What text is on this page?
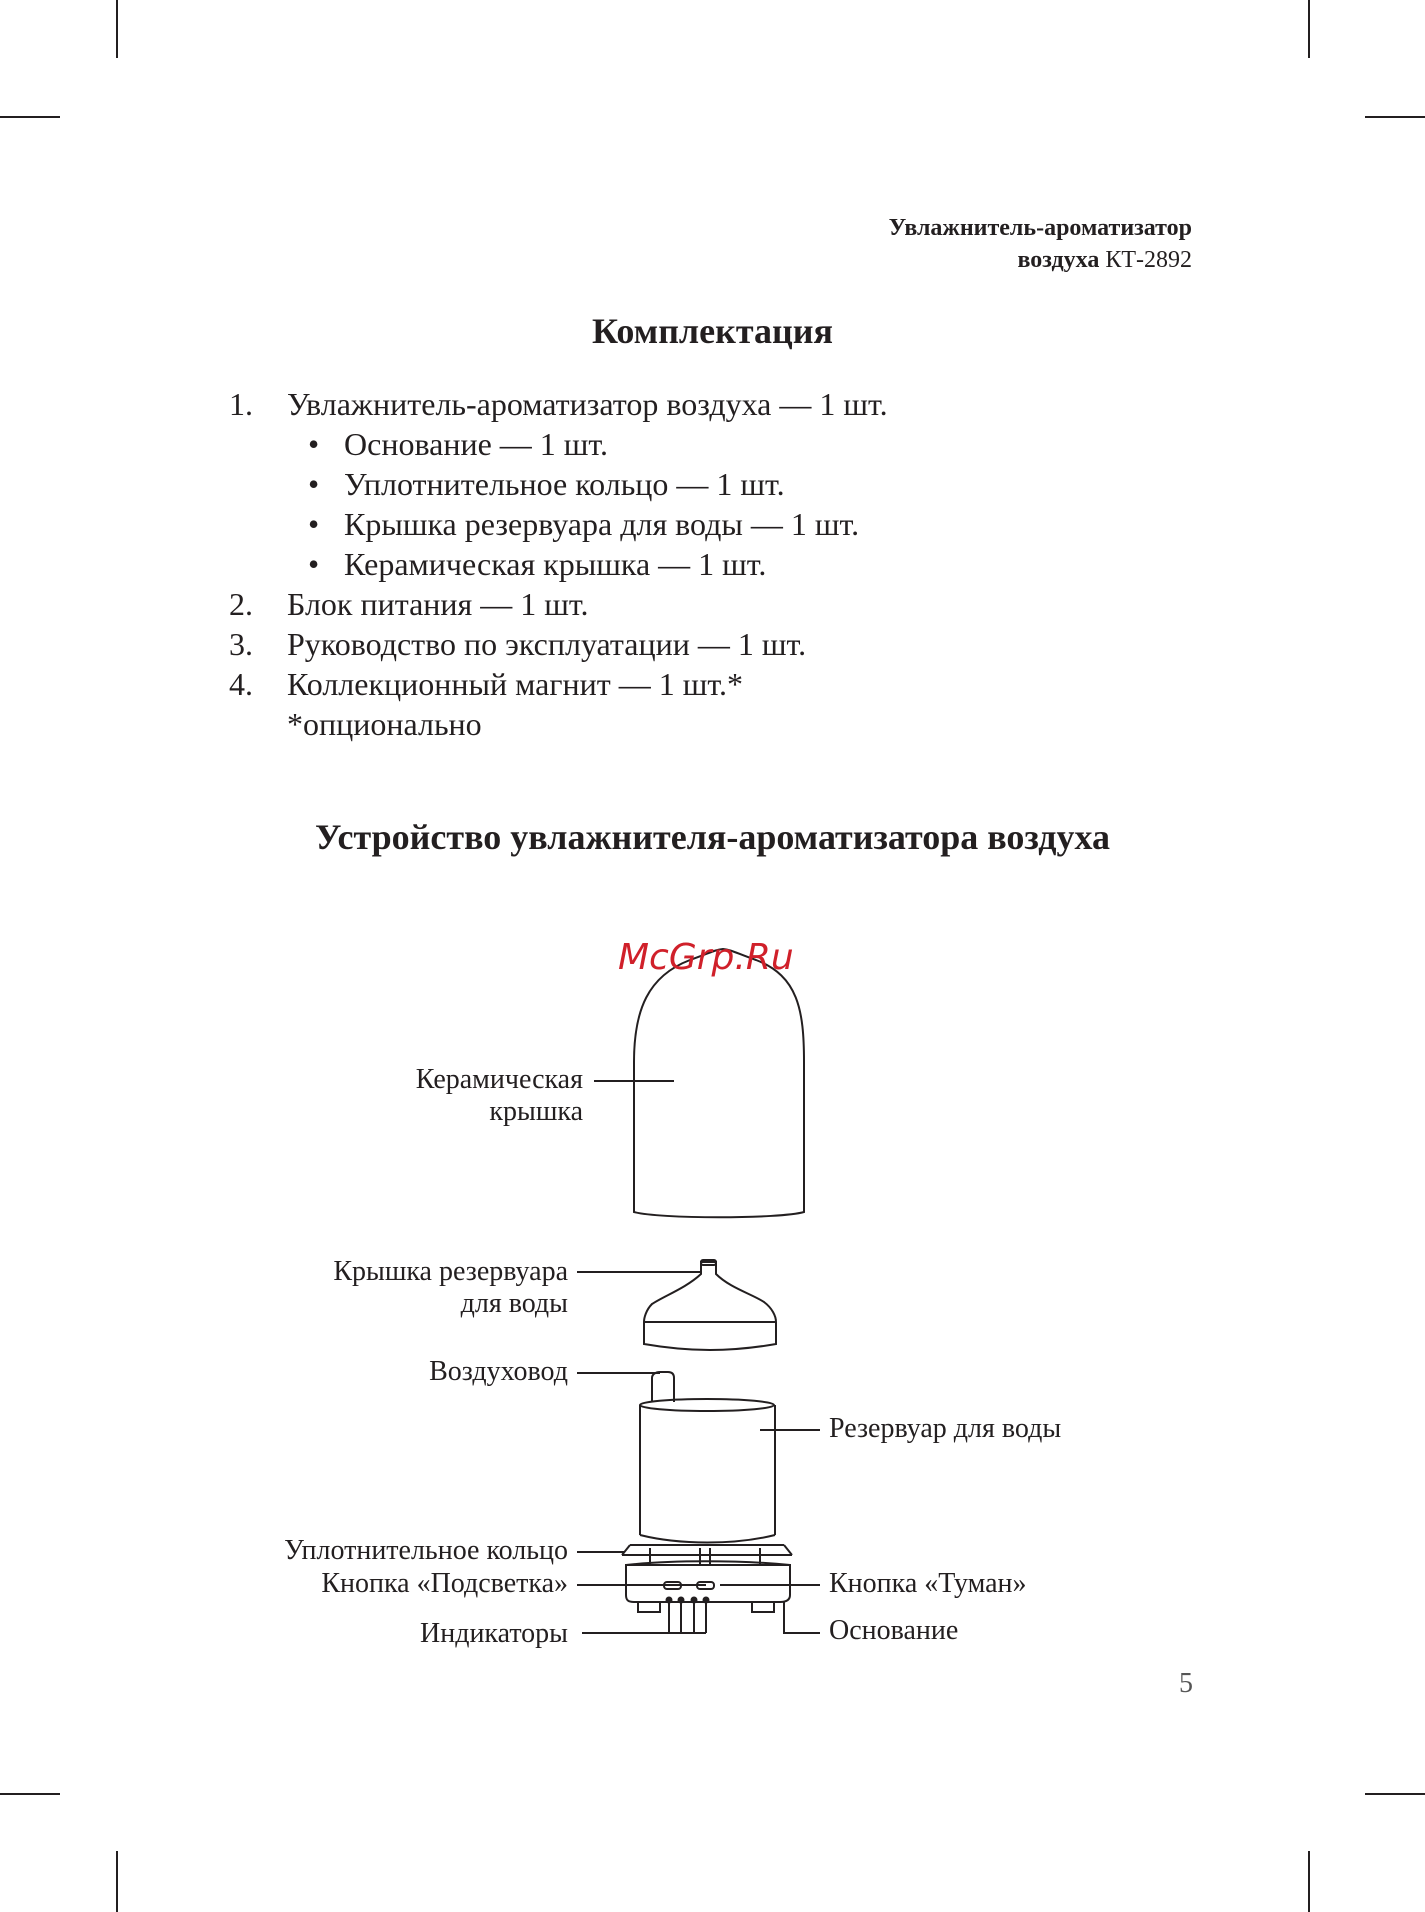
Увлажнитель-ароматизатор
воздуха КТ-2892
Комплектация
1. Увлажнитель-ароматизатор воздуха — 1 шт.
• Основание — 1 шт.
• Уплотнительное кольцо — 1 шт.
• Крышка резервуара для воды — 1 шт.
• Керамическая крышка — 1 шт.
2. Блок питания — 1 шт.
3. Руководство по эксплуатации — 1 шт.
4. Коллекционный магнит — 1 шт.*
*опционально
Устройство увлажнителя-ароматизатора воздуха
McGrp.Ru
Керамическая
крышка
Крышка резервуара
для воды
Воздуховод
Резервуар для воды
Уплотнительное кольцо
Кнопка «Подсветка»	Кнопка «Туман»
Индикаторы	Основание
5
